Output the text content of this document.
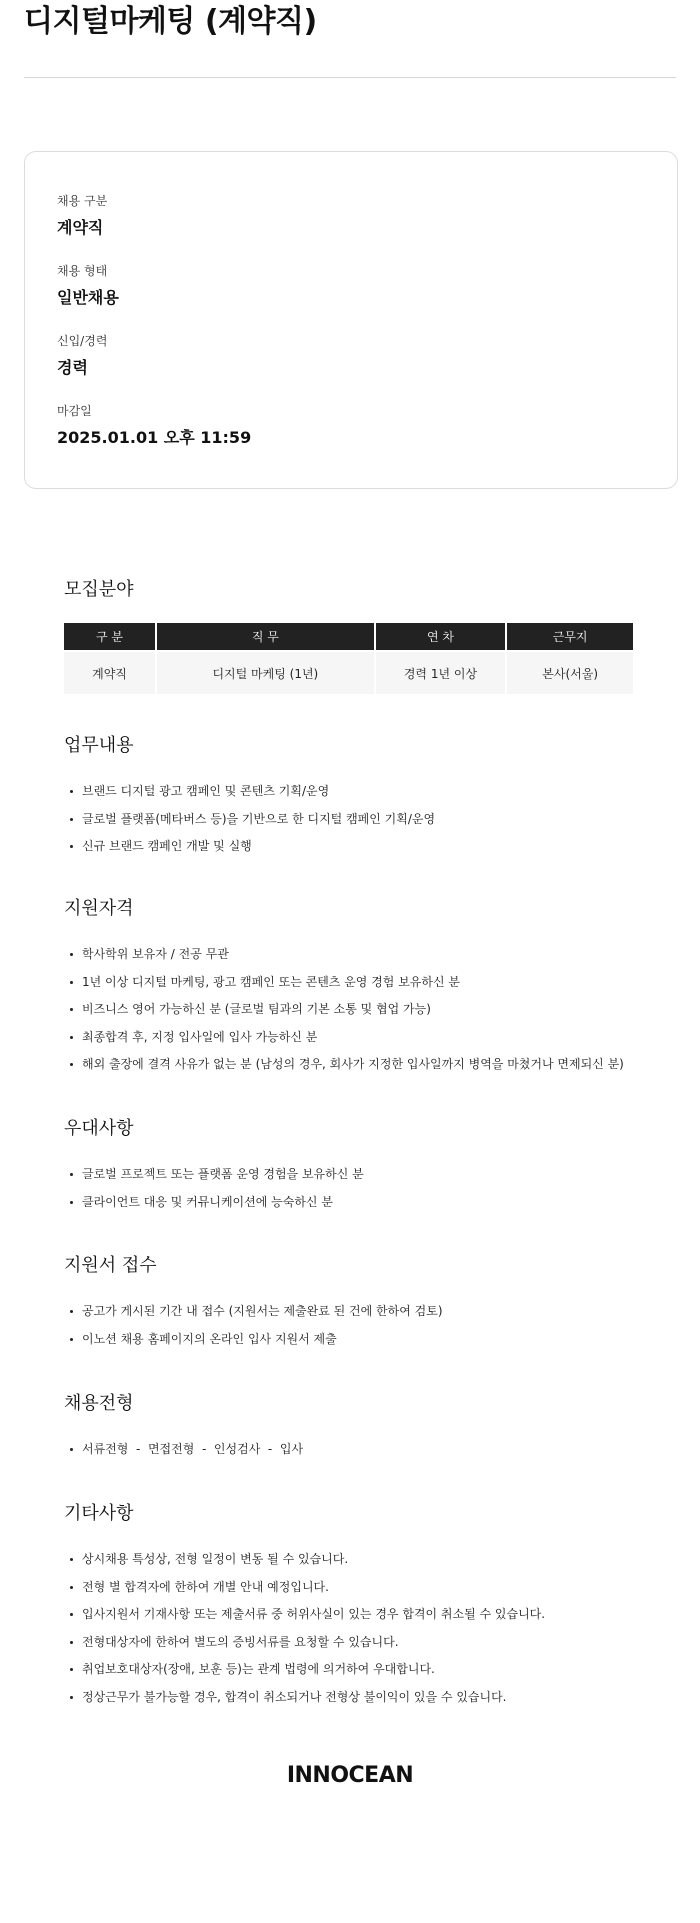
디지털마케팅 (계약직)
채용 구분
계약직
채용 형태
일반채용
신입/경력
경력
마감일
2025.01.01 오후 11:59
모집분야
구 분	직 무	연 차	근무지
계약직	디지털 마케팅 (1년)	경력 1년 이상	본사(서울)
업무내용
브랜드 디지털 광고 캠페인 및 콘텐츠 기획/운영
글로벌 플랫폼(메타버스 등)을 기반으로 한 디지털 캠페인 기획/운영
신규 브랜드 캠페인 개발 및 실행
지원자격
학사학위 보유자 / 전공 무관
1년 이상 디지털 마케팅, 광고 캠페인 또는 콘텐츠 운영 경험 보유하신 분
비즈니스 영어 가능하신 분 (글로벌 팀과의 기본 소통 및 협업 가능)
최종합격 후, 지정 입사일에 입사 가능하신 분
해외 출장에 결격 사유가 없는 분 (남성의 경우, 회사가 지정한 입사일까지 병역을 마쳤거나 면제되신 분)
우대사항
글로벌 프로젝트 또는 플랫폼 운영 경험을 보유하신 분
클라이언트 대응 및 커뮤니케이션에 능숙하신 분
지원서 접수
공고가 게시된 기간 내 접수 (지원서는 제출완료 된 건에 한하여 검토)
이노션 채용 홈페이지의 온라인 입사 지원서 제출
채용전형
서류전형  -  면접전형  -  인성검사  -  입사
기타사항
상시채용 특성상, 전형 일정이 변동 될 수 있습니다.
전형 별 합격자에 한하여 개별 안내 예정입니다.
입사지원서 기재사항 또는 제출서류 중 허위사실이 있는 경우 합격이 취소될 수 있습니다.
전형대상자에 한하여 별도의 증빙서류를 요청할 수 있습니다.
취업보호대상자(장애, 보훈 등)는 관계 법령에 의거하여 우대합니다.
정상근무가 불가능할 경우, 합격이 취소되거나 전형상 불이익이 있을 수 있습니다.
INNOCEAN
